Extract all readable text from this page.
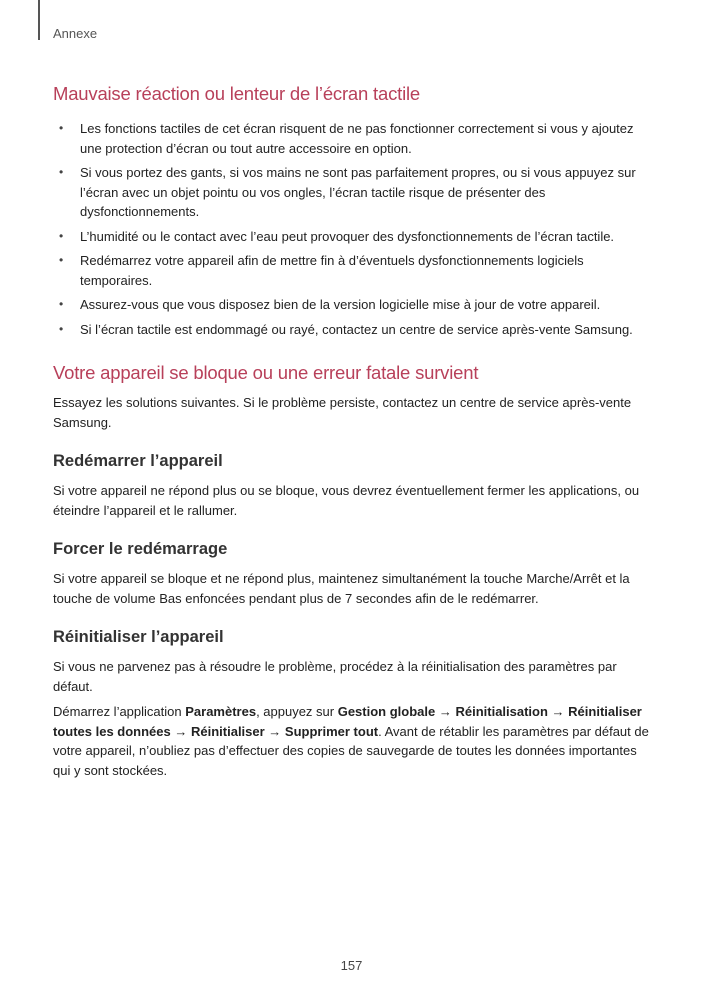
Annexe
Mauvaise réaction ou lenteur de l’écran tactile
• Les fonctions tactiles de cet écran risquent de ne pas fonctionner correctement si vous y ajoutez une protection d’écran ou tout autre accessoire en option.
• Si vous portez des gants, si vos mains ne sont pas parfaitement propres, ou si vous appuyez sur l’écran avec un objet pointu ou vos ongles, l’écran tactile risque de présenter des dysfonctionnements.
• L’humidité ou le contact avec l’eau peut provoquer des dysfonctionnements de l’écran tactile.
• Redémarrez votre appareil afin de mettre fin à d’éventuels dysfonctionnements logiciels temporaires.
• Assurez-vous que vous disposez bien de la version logicielle mise à jour de votre appareil.
• Si l’écran tactile est endommagé ou rayé, contactez un centre de service après-vente Samsung.
Votre appareil se bloque ou une erreur fatale survient

Essayez les solutions suivantes. Si le problème persiste, contactez un centre de service après-vente Samsung.

Redémarrer l’appareil

Si votre appareil ne répond plus ou se bloque, vous devrez éventuellement fermer les applications, ou éteindre l’appareil et le rallumer.

Forcer le redémarrage

Si votre appareil se bloque et ne répond plus, maintenez simultanément la touche Marche/Arrêt et la touche de volume Bas enfoncées pendant plus de 7 secondes afin de le redémarrer.

Réinitialiser l’appareil

Si vous ne parvenez pas à résoudre le problème, procédez à la réinitialisation des paramètres par défaut.

Démarrez l’application Paramètres, appuyez sur Gestion globale → Réinitialisation → Réinitialiser toutes les données → Réinitialiser → Supprimer tout. Avant de rétablir les paramètres par défaut de votre appareil, n’oubliez pas d’effectuer des copies de sauvegarde de toutes les données importantes qui y sont stockées.

157
